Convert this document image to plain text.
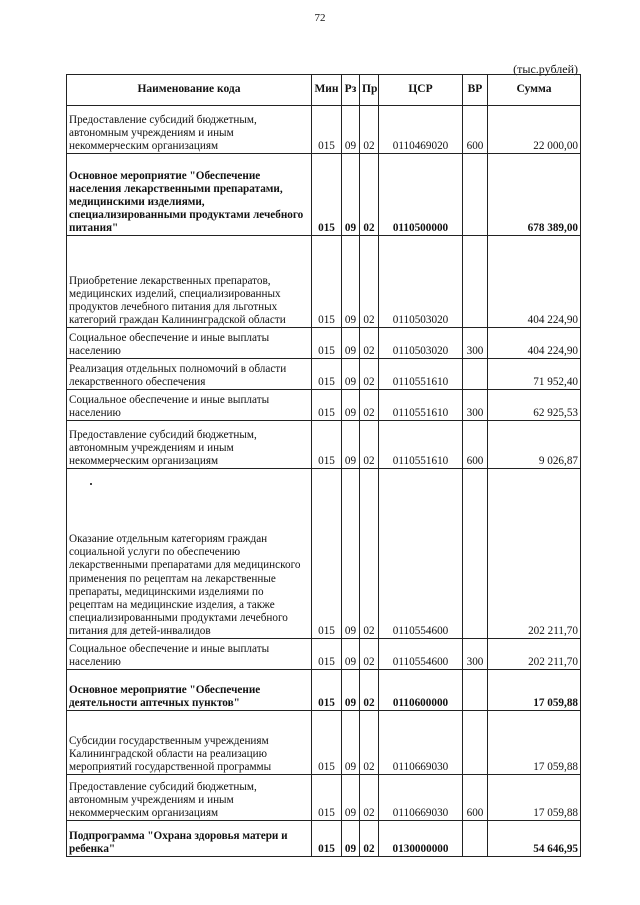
72
(тыс.рублей)
Наименование кода	Мин	Рз	Пр	ЦСР	ВР	Сумма
Предоставление субсидий бюджетным, автономным учреждениям и иным некоммерческим организациям	015	09	02	0110469020	600	22 000,00
Основное мероприятие "Обеспечение населения лекарственными препаратами, медицинскими изделиями, специализированными продуктами лечебного питания"	015	09	02	0110500000		678 389,00
Приобретение лекарственных препаратов, медицинских изделий, специализированных продуктов лечебного питания для льготных категорий граждан Калининградской области	015	09	02	0110503020		404 224,90
Социальное обеспечение и иные выплаты населению	015	09	02	0110503020	300	404 224,90
Реализация отдельных полномочий в области лекарственного обеспечения	015	09	02	0110551610		71 952,40
Социальное обеспечение и иные выплаты населению	015	09	02	0110551610	300	62 925,53
Предоставление субсидий бюджетным, автономным учреждениям и иным некоммерческим организациям	015	09	02	0110551610	600	9 026,87
Оказание отдельным категориям граждан социальной услуги по обеспечению лекарственными препаратами для медицинского применения по рецептам на лекарственные препараты, медицинскими изделиями по рецептам на медицинские изделия, а также специализированными продуктами лечебного питания для детей-инвалидов	015	09	02	0110554600		202 211,70
Социальное обеспечение и иные выплаты населению	015	09	02	0110554600	300	202 211,70
Основное мероприятие "Обеспечение деятельности аптечных пунктов"	015	09	02	0110600000		17 059,88
Субсидии государственным учреждениям Калининградской области на реализацию мероприятий государственной программы	015	09	02	0110669030		17 059,88
Предоставление субсидий бюджетным, автономным учреждениям и иным некоммерческим организациям	015	09	02	0110669030	600	17 059,88
Подпрограмма "Охрана здоровья матери и ребенка"	015	09	02	0130000000		54 646,95
